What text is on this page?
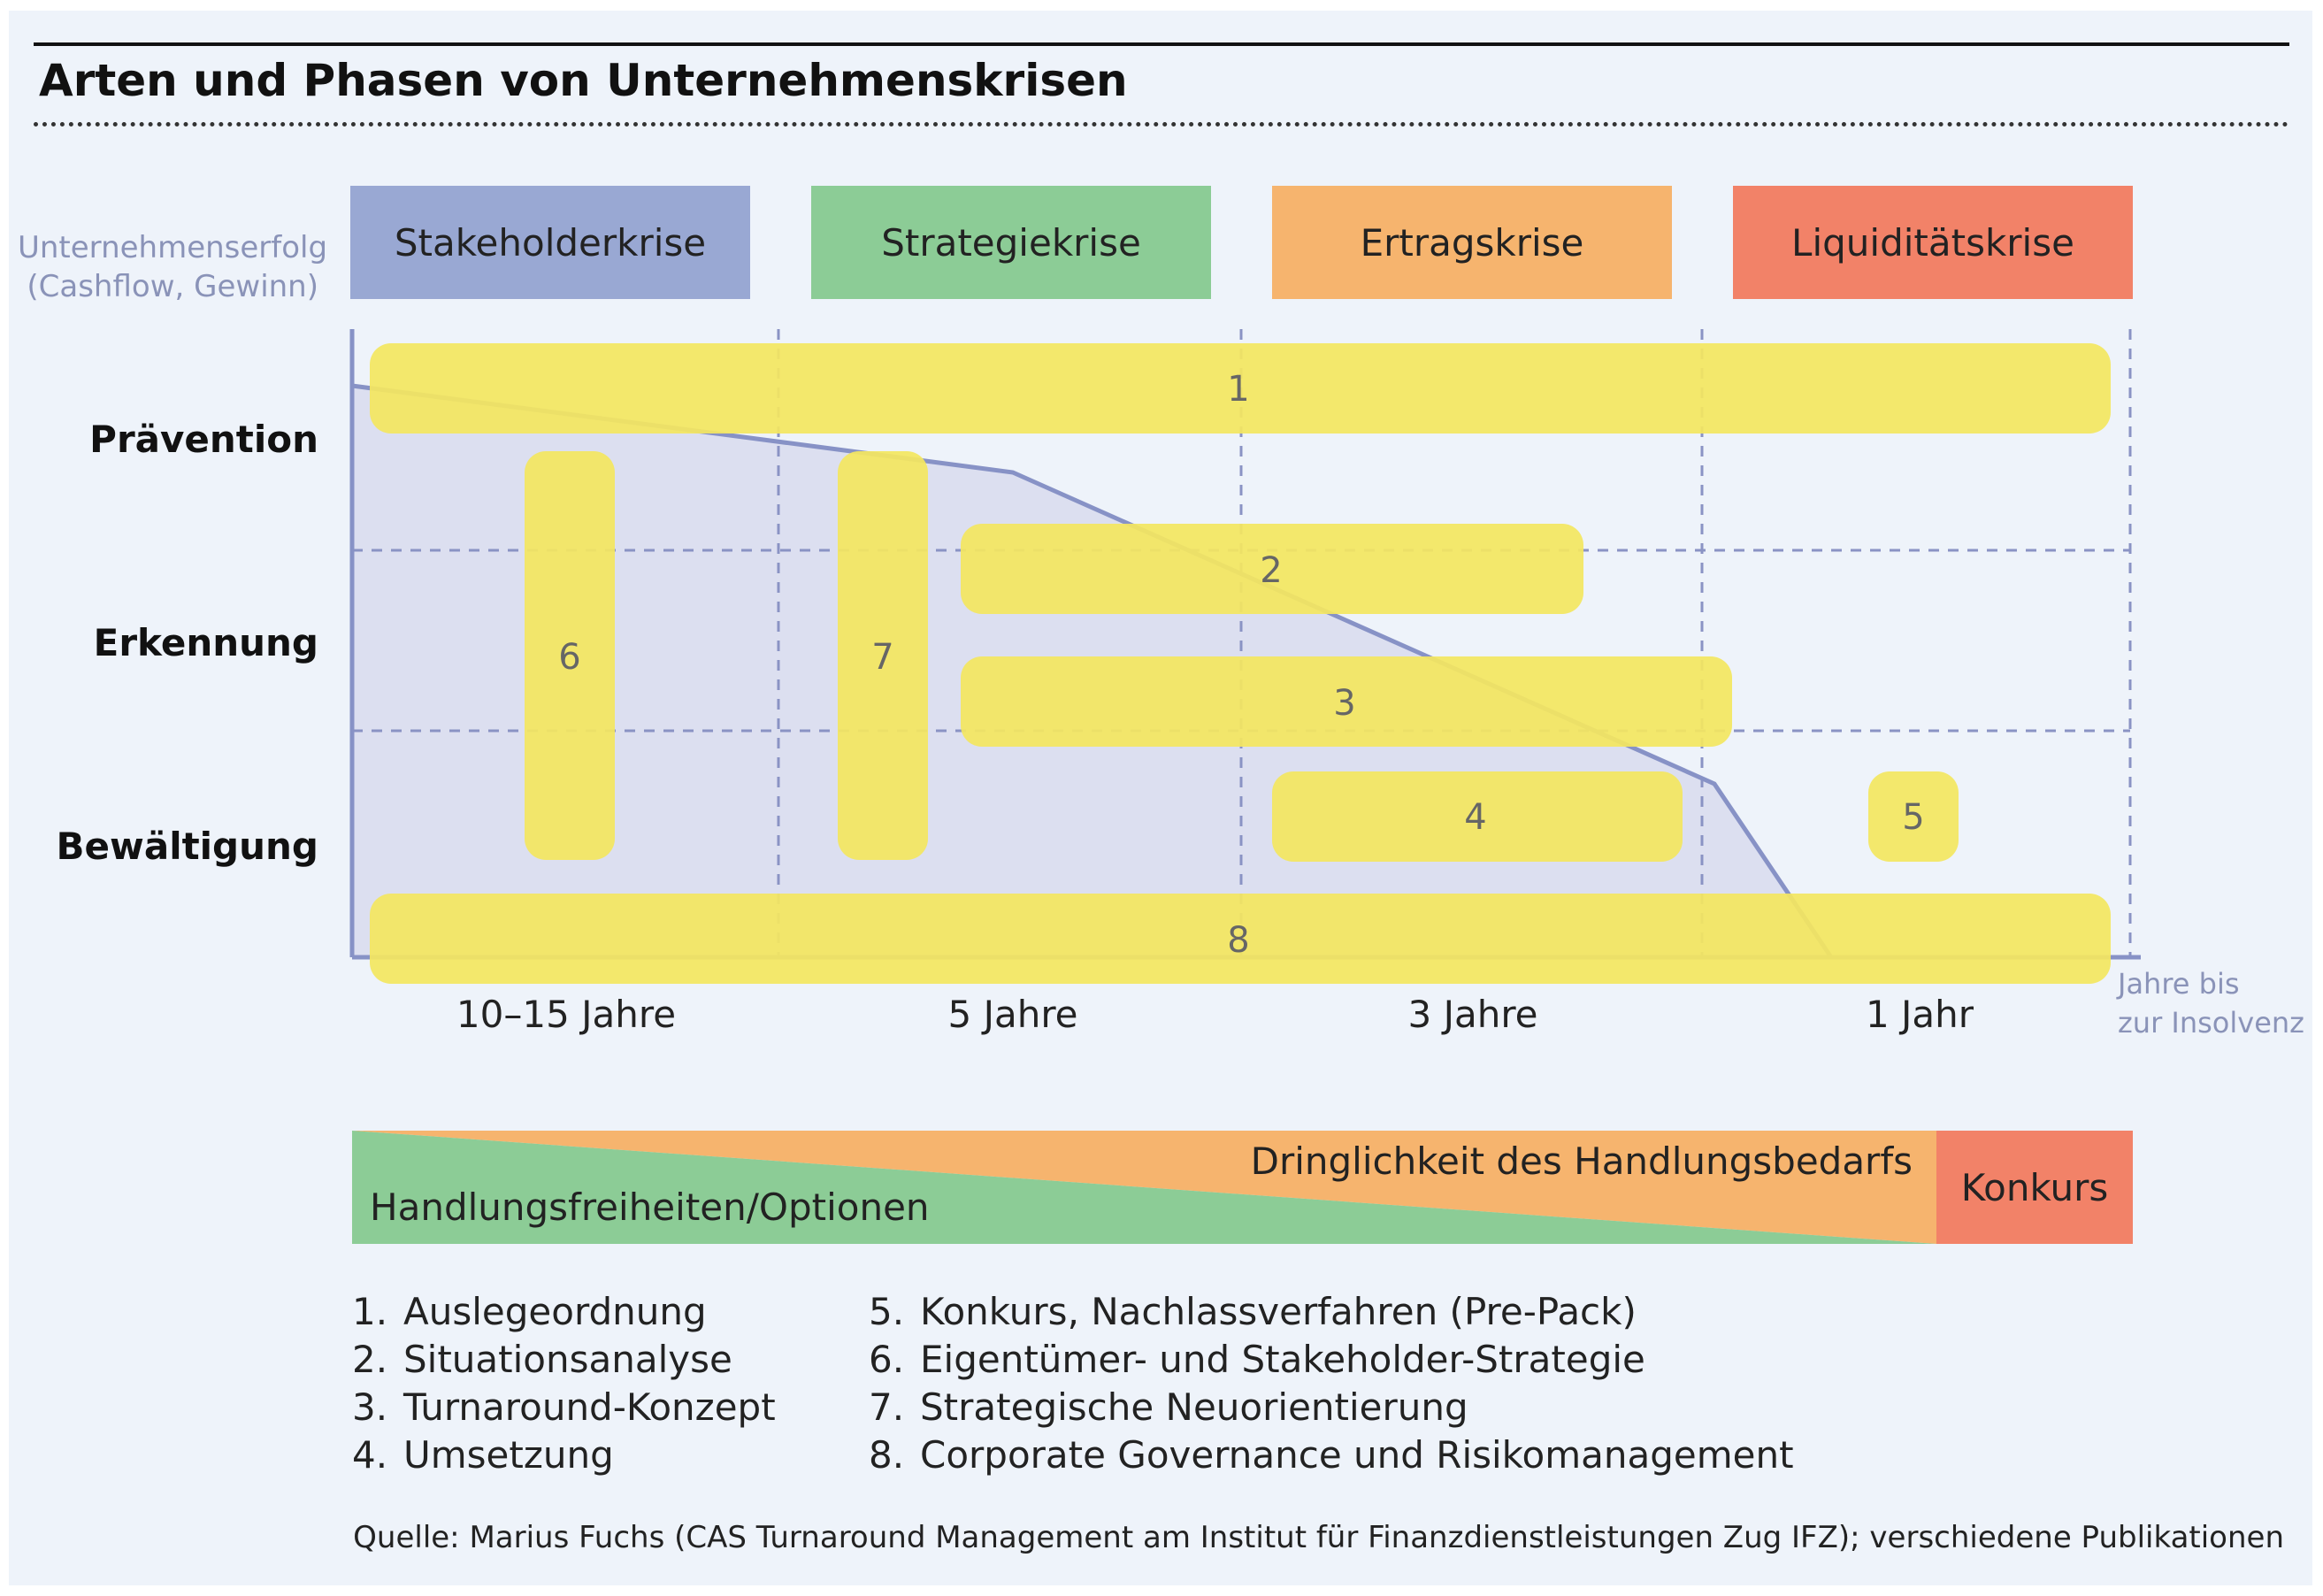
Arten und Phasen von Unternehmenskrisen
Stakeholderkrise	Strategiekrise	Ertragskrise	Liquiditätskrise
Unternehmenserfolg
(Cashflow, Gewinn)
Prävention
Erkennung
Bewältigung
1
2
3
4	5
6	7
8
10–15 Jahre	5 Jahre	3 Jahre	1 Jahr
Jahre bis
zur Insolvenz
Handlungsfreiheiten/Optionen
Dringlichkeit des Handlungsbedarfs
Konkurs
1. Auslegeordnung
2. Situationsanalyse
3. Turnaround-Konzept
4. Umsetzung
5. Konkurs, Nachlassverfahren (Pre-Pack)
6. Eigentümer- und Stakeholder-Strategie
7. Strategische Neuorientierung
8. Corporate Governance und Risikomanagement
Quelle: Marius Fuchs (CAS Turnaround Management am Institut für Finanzdienstleistungen Zug IFZ); verschiedene Publikationen
